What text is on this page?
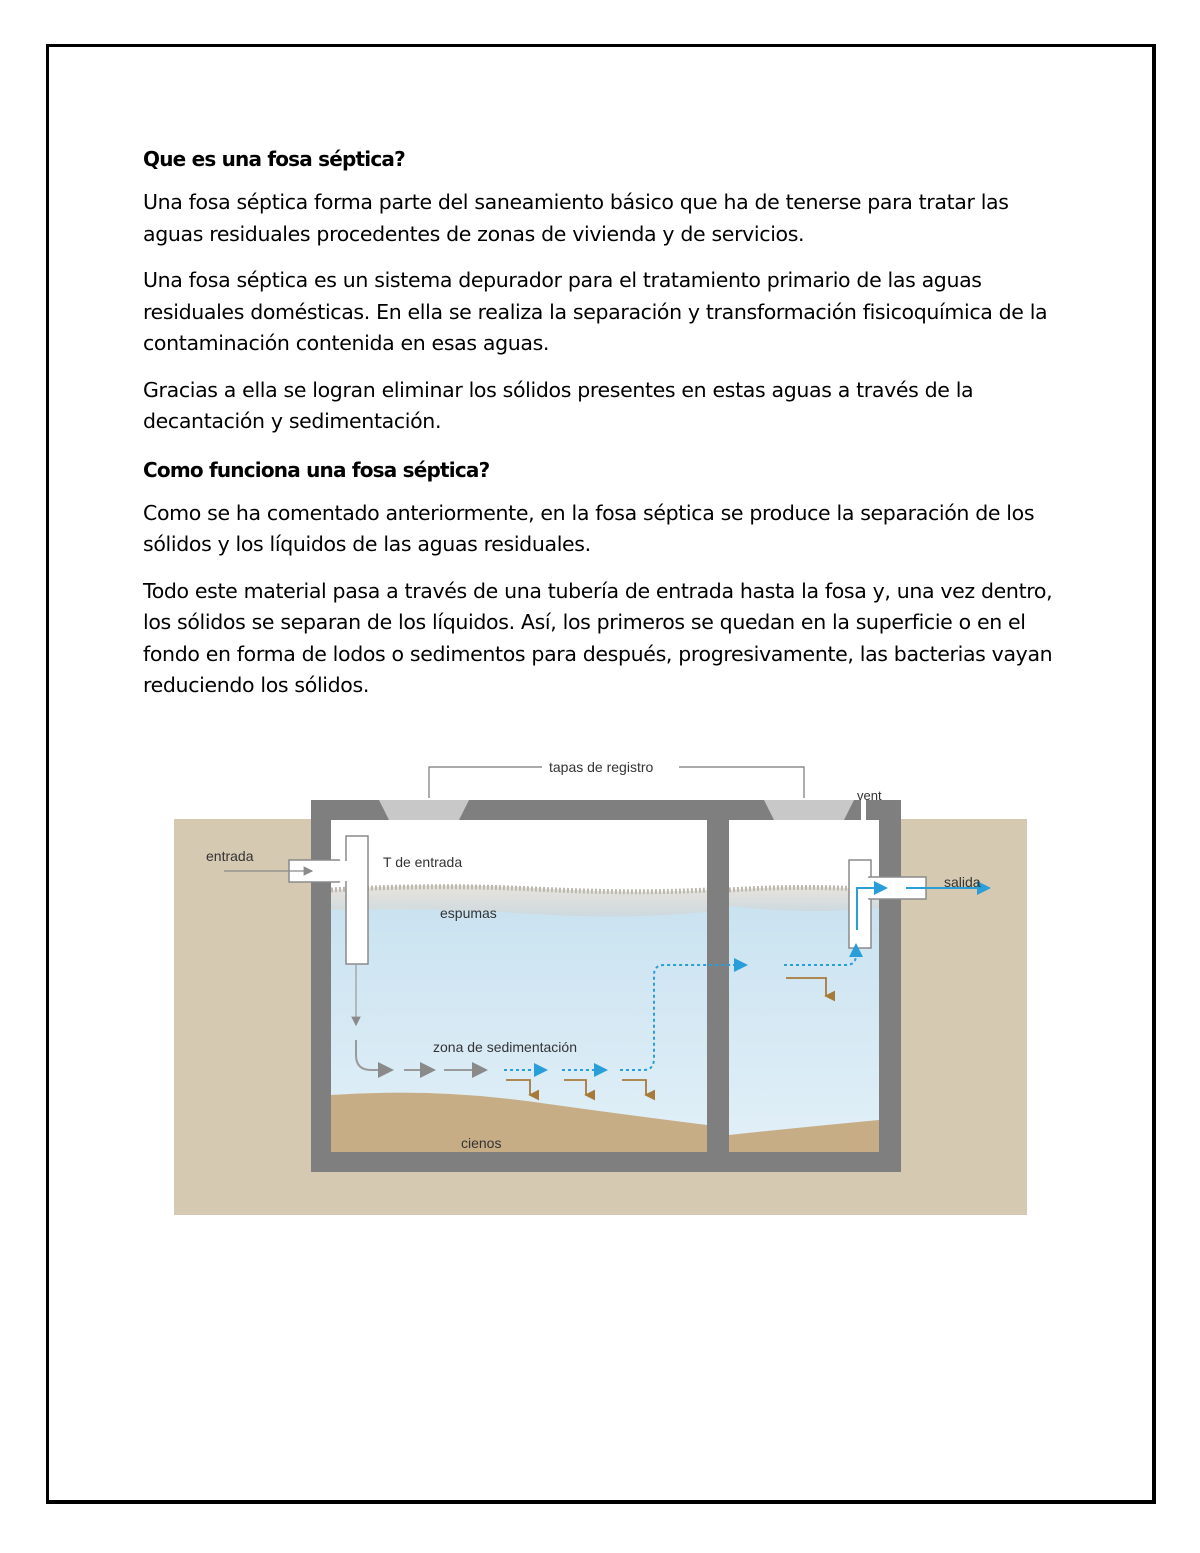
Que es una fosa séptica?

Una fosa séptica forma parte del saneamiento básico que ha de tenerse para tratar las aguas residuales procedentes de zonas de vivienda y de servicios.

Una fosa séptica es un sistema depurador para el tratamiento primario de las aguas residuales domésticas. En ella se realiza la separación y transformación fisicoquímica de la contaminación contenida en esas aguas.

Gracias a ella se logran eliminar los sólidos presentes en estas aguas a través de la decantación y sedimentación.

Como funciona una fosa séptica?

Como se ha comentado anteriormente, en la fosa séptica se produce la separación de los sólidos y los líquidos de las aguas residuales.

Todo este material pasa a través de una tubería de entrada hasta la fosa y, una vez dentro, los sólidos se separan de los líquidos. Así, los primeros se quedan en la superficie o en el fondo en forma de lodos o sedimentos para después, progresivamente, las bacterias vayan reduciendo los sólidos.

tapas de registro
vent
entrada	T de entrada
salida
espumas
zona de sedimentación
cienos
